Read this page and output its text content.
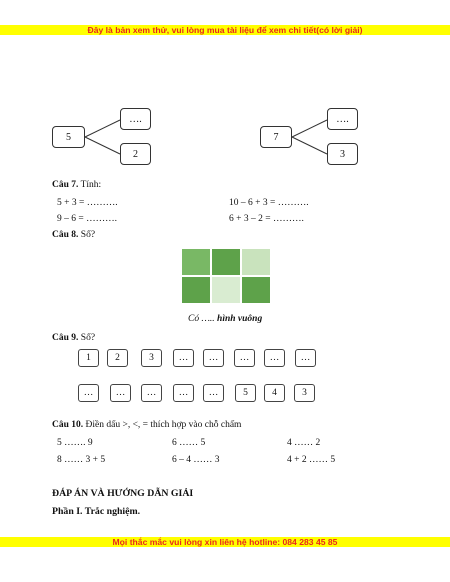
Đây là bản xem thử, vui lòng mua tài liệu để xem chi tiết(có lời giải)
5
….
2
7
….
3
Câu 7. Tính:
5 + 3 = ……….	10 – 6 + 3 = ……….
9 – 6 = ……….	6 + 3 – 2 = ……….
Câu 8. Số?
Có ….. hình vuông
Câu 9. Số?
1	2	3	…	…	…	…	…
…	…	…	…	…	5	4	3
Câu 10. Điền dấu >, <, = thích hợp vào chỗ chấm
5 ……. 9	6 …… 5	4 …… 2
8 …… 3 + 5	6 – 4 …… 3	4 + 2 …… 5
ĐÁP ÁN VÀ HƯỚNG DẪN GIẢI
Phần I. Trắc nghiệm.
Mọi thắc mắc vui lòng xin liên hệ hotline: 084 283 45 85
